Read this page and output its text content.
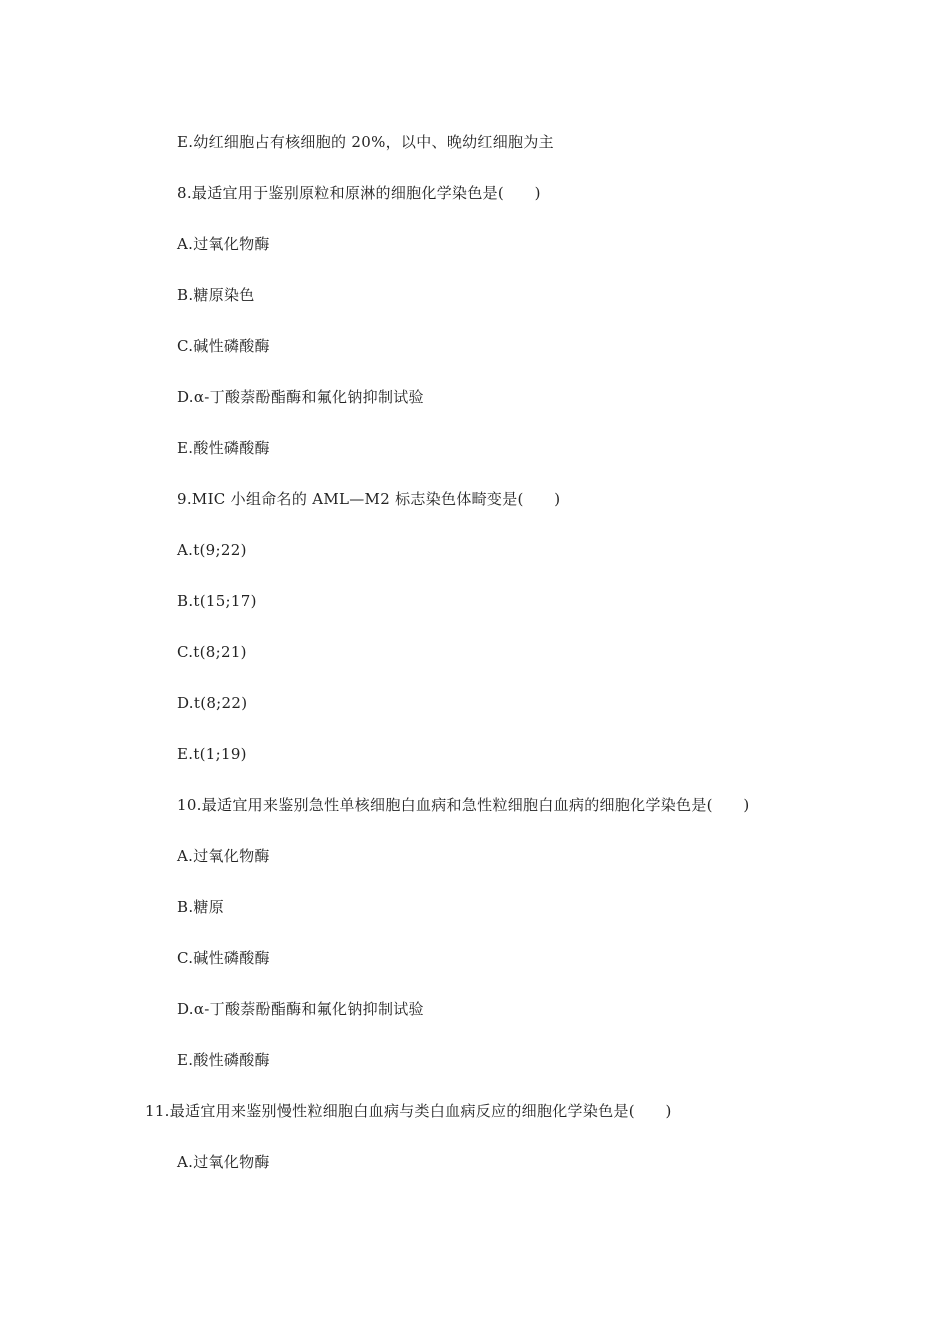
E.幼红细胞占有核细胞的 20%，以中、晚幼红细胞为主
8.最适宜用于鉴别原粒和原淋的细胞化学染色是(　　)
A.过氧化物酶
B.糖原染色
C.碱性磷酸酶
D.α-丁酸萘酚酯酶和氟化钠抑制试验
E.酸性磷酸酶
9.MIC 小组命名的 AML—M2 标志染色体畸变是(　　)
A.t(9;22)
B.t(15;17)
C.t(8;21)
D.t(8;22)
E.t(1;19)
10.最适宜用来鉴别急性单核细胞白血病和急性粒细胞白血病的细胞化学染色是(　　)
A.过氧化物酶
B.糖原
C.碱性磷酸酶
D.α-丁酸萘酚酯酶和氟化钠抑制试验
E.酸性磷酸酶
11.最适宜用来鉴别慢性粒细胞白血病与类白血病反应的细胞化学染色是(　　)
A.过氧化物酶
